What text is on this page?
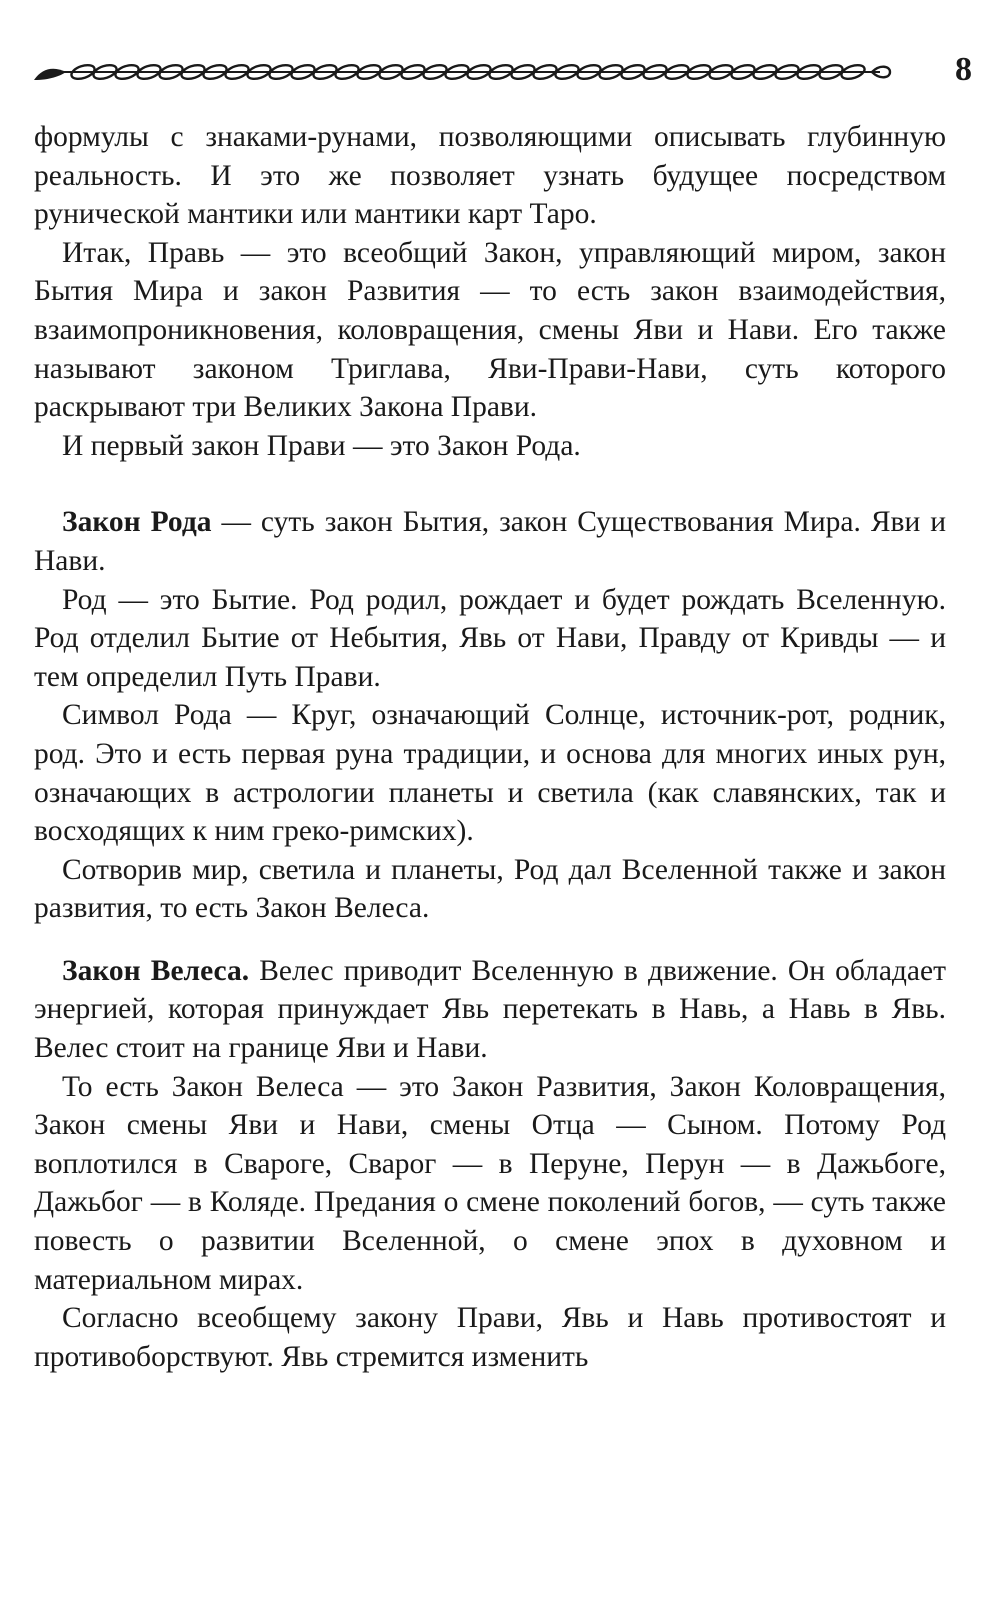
8

формулы с знаками-рунами, позволяющими описывать глубинную реальность. И это же позволяет узнать будущее посредством рунической мантики или мантики карт Таро.

Итак, Правь — это всеобщий Закон, управляющий миром, закон Бытия Мира и закон Развития — то есть закон взаимодействия, взаимопроникновения, коловращения, смены Яви и Нави. Его также называют законом Триглава, Яви-Прави-Нави, суть которого раскрывают три Великих Закона Прави.

И первый закон Прави — это Закон Рода.

Закон Рода — суть закон Бытия, закон Существования Мира. Яви и Нави.

Род — это Бытие. Род родил, рождает и будет рождать Вселенную. Род отделил Бытие от Небытия, Явь от Нави, Правду от Кривды — и тем определил Путь Прави.

Символ Рода — Круг, означающий Солнце, источник-рот, родник, род. Это и есть первая руна традиции, и основа для многих иных рун, означающих в астрологии планеты и светила (как славянских, так и восходящих к ним греко-римских).

Сотворив мир, светила и планеты, Род дал Вселенной также и закон развития, то есть Закон Велеса.

Закон Велеса. Велес приводит Вселенную в движение. Он обладает энергией, которая принуждает Явь перетекать в Навь, а Навь в Явь. Велес стоит на границе Яви и Нави.

То есть Закон Велеса — это Закон Развития, Закон Коловращения, Закон смены Яви и Нави, смены Отца — Сыном. Потому Род воплотился в Свароге, Сварог — в Перуне, Перун — в Дажьбоге, Дажьбог — в Коляде. Предания о смене поколений богов, — суть также повесть о развитии Вселенной, о смене эпох в духовном и материальном мирах.

Согласно всеобщему закону Прави, Явь и Навь противостоят и противоборствуют. Явь стремится изменить
